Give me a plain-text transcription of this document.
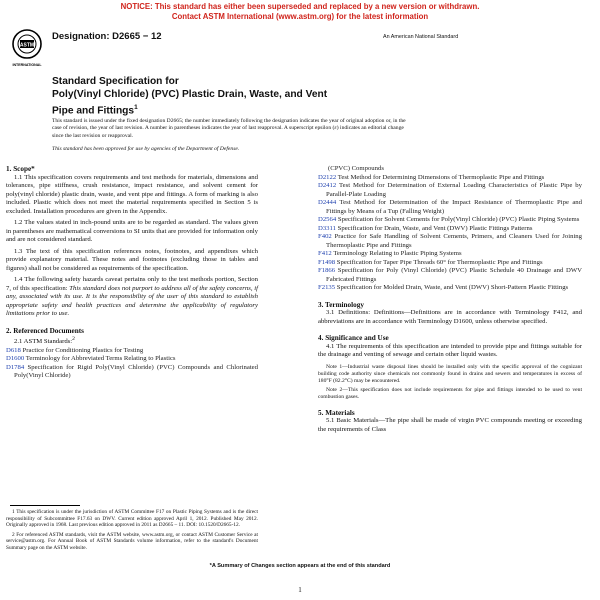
NOTICE: This standard has either been superseded and replaced by a new version or withdrawn.
Contact ASTM International (www.astm.org) for the latest information
ASTM
INTERNATIONAL
Designation: D2665 − 12	An American National Standard
Standard Specification for
Poly(Vinyl Chloride) (PVC) Plastic Drain, Waste, and Vent
Pipe and Fittings$^1$
This standard is issued under the fixed designation D2665; the number immediately following the designation indicates the year of original adoption or, in the case of revision, the year of last revision. A number in parentheses indicates the year of last reapproval. A superscript epsilon (ε) indicates an editorial change since the last revision or reapproval.
This standard has been approved for use by agencies of the Department of Defense.

1. Scope*

1.1 This specification covers requirements and test methods for materials, dimensions and tolerances, pipe stiffness, crush resistance, impact resistance, and solvent cement for poly(vinyl chloride) plastic drain, waste, and vent pipe and fittings. A form of marking is also included. Plastic which does not meet the material requirements specified in Section 5 is excluded. Installation procedures are given in the Appendix.

1.2 The values stated in inch-pound units are to be regarded as standard. The values given in parentheses are mathematical conversions to SI units that are provided for information only and are not considered standard.

1.3 The text of this specification references notes, footnotes, and appendixes which provide explanatory material. These notes and footnotes (excluding those in tables and figures) shall not be considered as requirements of the specification.

1.4 The following safety hazards caveat pertains only to the test methods portion, Section 7, of this specification: This standard does not purport to address all of the safety concerns, if any, associated with its use. It is the responsibility of the user of this standard to establish appropriate safety and health practices and determine the applicability of regulatory limitations prior to use.

2. Referenced Documents

2.1 ASTM Standards:$^2$

D618 Practice for Conditioning Plastics for Testing

D1600 Terminology for Abbreviated Terms Relating to Plastics

D1784 Specification for Rigid Poly(Vinyl Chloride) (PVC) Compounds and Chlorinated Poly(Vinyl Chloride)

1 This specification is under the jurisdiction of ASTM Committee F17 on Plastic Piping Systems and is the direct responsibility of Subcommittee F17.63 on DWV. Current edition approved April 1, 2012. Published May 2012. Originally approved in 1968. Last previous edition approved in 2011 as D2665 – 11. DOI: 10.1520/D2665-12.

2 For referenced ASTM standards, visit the ASTM website, www.astm.org, or contact ASTM Customer Service at service@astm.org. For Annual Book of ASTM Standards volume information, refer to the standard's Document Summary page on the ASTM website.

(CPVC) Compounds

D2122 Test Method for Determining Dimensions of Thermoplastic Pipe and Fittings

D2412 Test Method for Determination of External Loading Characteristics of Plastic Pipe by Parallel-Plate Loading

D2444 Test Method for Determination of the Impact Resistance of Thermoplastic Pipe and Fittings by Means of a Tup (Falling Weight)

D2564 Specification for Solvent Cements for Poly(Vinyl Chloride) (PVC) Plastic Piping Systems

D3311 Specification for Drain, Waste, and Vent (DWV) Plastic Fittings Patterns

F402 Practice for Safe Handling of Solvent Cements, Primers, and Cleaners Used for Joining Thermoplastic Pipe and Fittings

F412 Terminology Relating to Plastic Piping Systems

F1498 Specification for Taper Pipe Threads 60° for Thermoplastic Pipe and Fittings

F1866 Specification for Poly (Vinyl Chloride) (PVC) Plastic Schedule 40 Drainage and DWV Fabricated Fittings

F2135 Specification for Molded Drain, Waste, and Vent (DWV) Short-Pattern Plastic Fittings

3. Terminology

3.1 Definitions: Definitions—Definitions are in accordance with Terminology F412, and abbreviations are in accordance with Terminology D1600, unless otherwise specified.

4. Significance and Use

4.1 The requirements of this specification are intended to provide pipe and fittings suitable for the drainage and venting of sewage and certain other liquid wastes.

Note 1—Industrial waste disposal lines should be installed only with the specific approval of the cognizant building code authority since chemicals not commonly found in drains and sewers and temperatures in excess of 180°F (82.2°C) may be encountered.

Note 2—This specification does not include requirements for pipe and fittings intended to be used to vent combustion gases.

5. Materials

5.1 Basic Materials—The pipe shall be made of virgin PVC compounds meeting or exceeding the requirements of Class

*A Summary of Changes section appears at the end of this standard
1
